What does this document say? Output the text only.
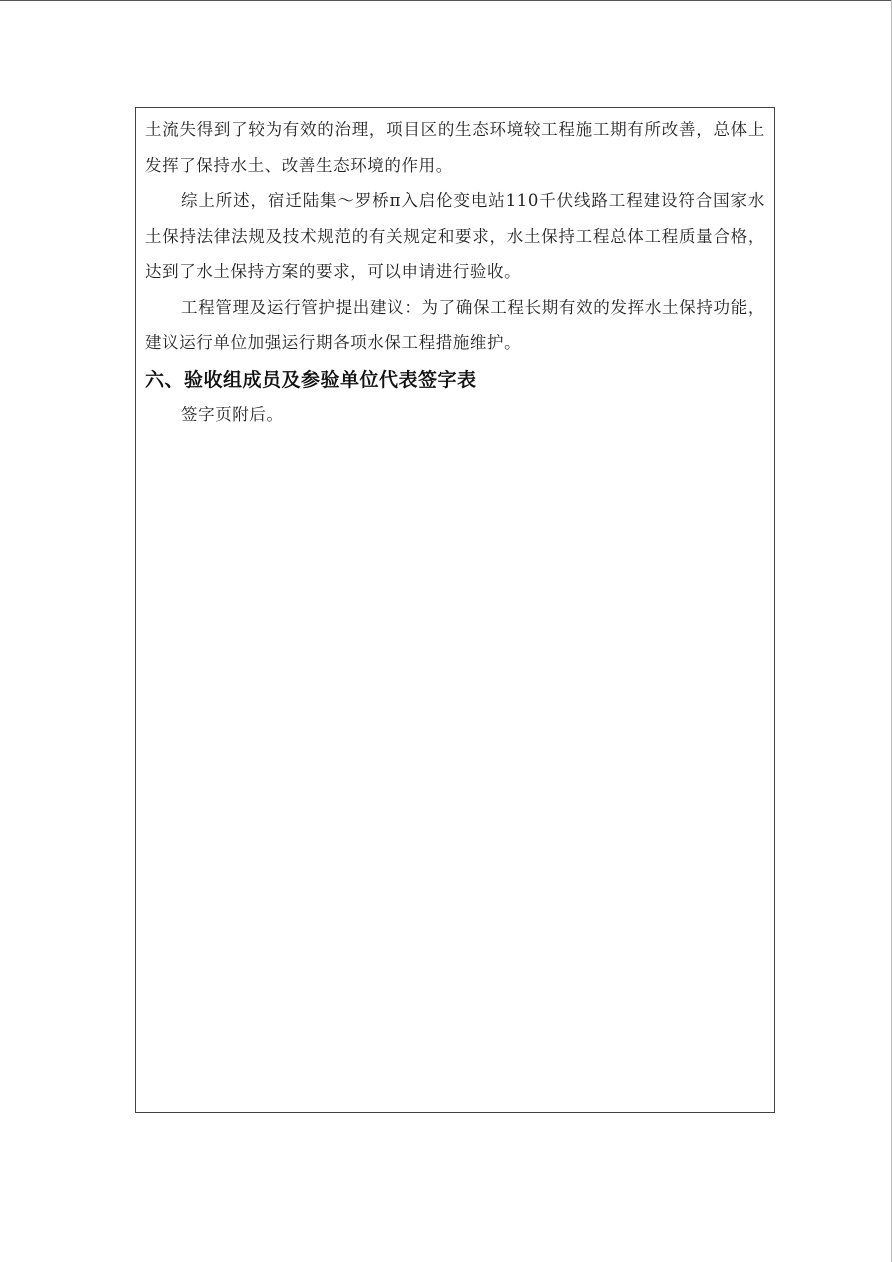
土流失得到了较为有效的治理，项目区的生态环境较工程施工期有所改善，总体上发挥了保持水土、改善生态环境的作用。

综上所述，宿迁陆集～罗桥π入启伦变电站110千伏线路工程建设符合国家水土保持法律法规及技术规范的有关规定和要求，水土保持工程总体工程质量合格，达到了水土保持方案的要求，可以申请进行验收。

工程管理及运行管护提出建议：为了确保工程长期有效的发挥水土保持功能，建议运行单位加强运行期各项水保工程措施维护。

六、验收组成员及参验单位代表签字表

签字页附后。
